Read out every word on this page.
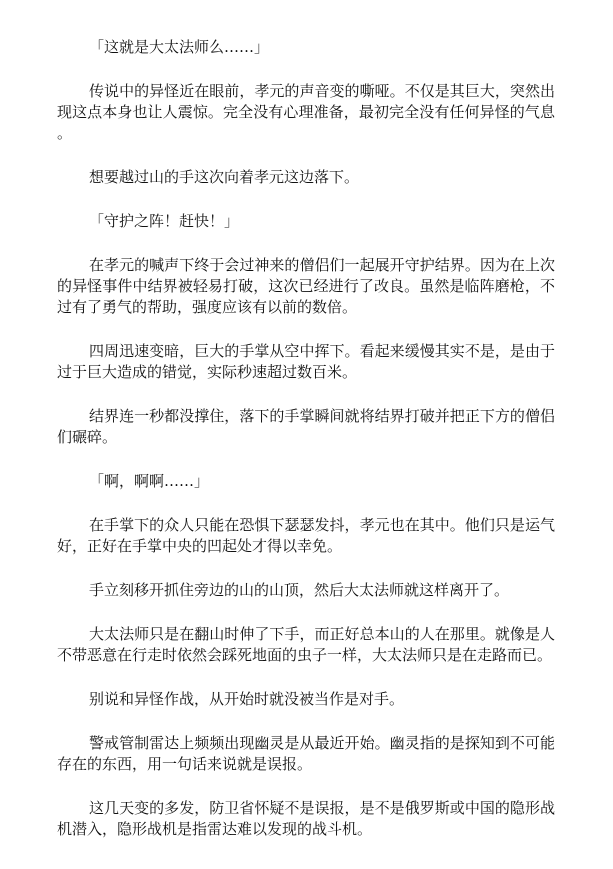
「这就是大太法师么……」

传说中的异怪近在眼前，孝元的声音变的嘶哑。不仅是其巨大，突然出现这点本身也让人震惊。完全没有心理准备，最初完全没有任何异怪的气息。

想要越过山的手这次向着孝元这边落下。

「守护之阵！赶快！」

在孝元的喊声下终于会过神来的僧侣们一起展开守护结界。因为在上次的异怪事件中结界被轻易打破，这次已经进行了改良。虽然是临阵磨枪，不过有了勇气的帮助，强度应该有以前的数倍。

四周迅速变暗，巨大的手掌从空中挥下。看起来缓慢其实不是，是由于过于巨大造成的错觉，实际秒速超过数百米。

结界连一秒都没撑住，落下的手掌瞬间就将结界打破并把正下方的僧侣们碾碎。

「啊，啊啊……」

在手掌下的众人只能在恐惧下瑟瑟发抖，孝元也在其中。他们只是运气好，正好在手掌中央的凹起处才得以幸免。

手立刻移开抓住旁边的山的山顶，然后大太法师就这样离开了。

大太法师只是在翻山时伸了下手，而正好总本山的人在那里。就像是人不带恶意在行走时依然会踩死地面的虫子一样，大太法师只是在走路而已。

别说和异怪作战，从开始时就没被当作是对手。

警戒管制雷达上频频出现幽灵是从最近开始。幽灵指的是探知到不可能存在的东西，用一句话来说就是误报。

这几天变的多发，防卫省怀疑不是误报，是不是俄罗斯或中国的隐形战机潜入，隐形战机是指雷达难以发现的战斗机。
